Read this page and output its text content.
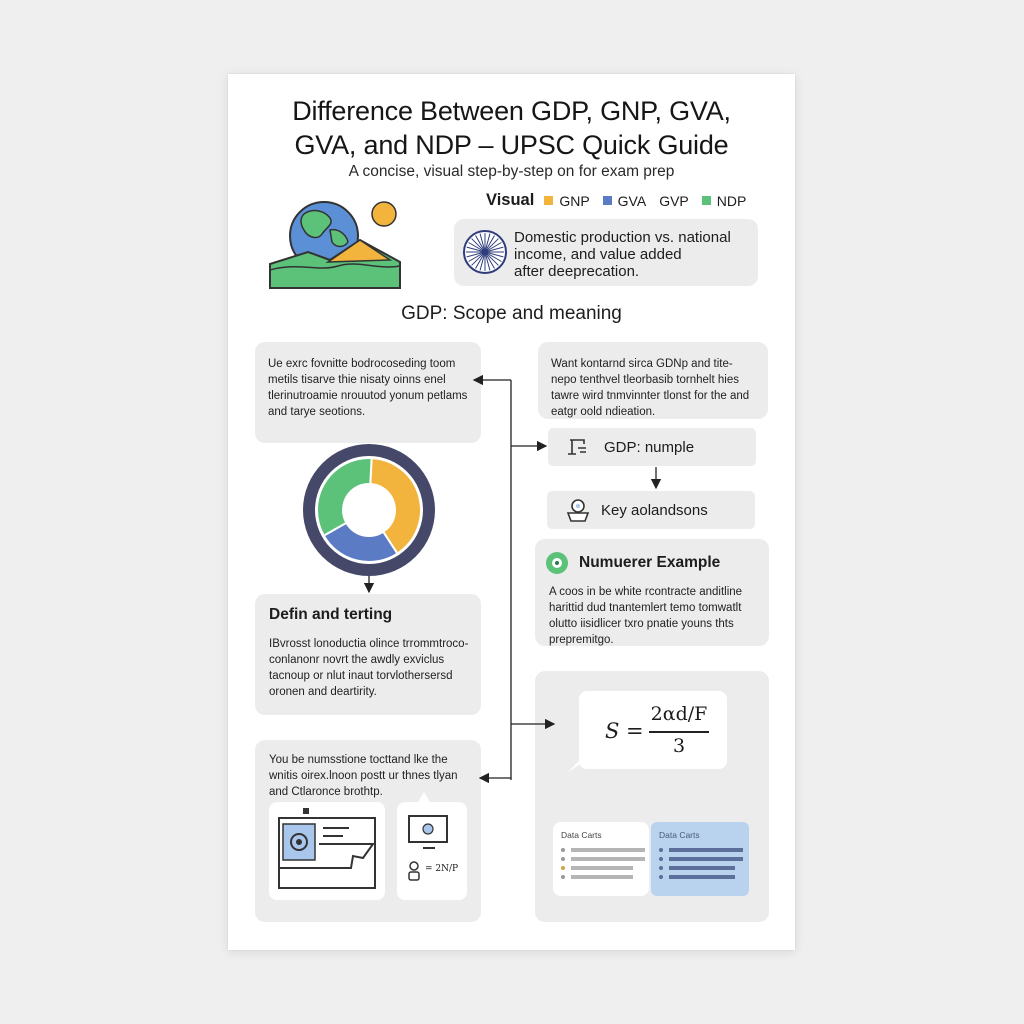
Difference Between GDP, GNP, GVA,
GVA, and NDP – UPSC Quick Guide
A concise, visual step-by-step on for exam prep
Visual GNP GVA GVP NDP
Domestic production vs. national
income, and value added
after deeprecation.
GDP: Scope and meaning
Ue exrc fovnitte bodrocoseding toom
metils tisarve thie nisaty oinns enel
tlerinutroamie nrouutod yonum petlams
and tarye seotions.
Defin and terting
IBvrosst lonoductia olince trrommtroco-
conlanonr novrt the awdly exviclus
tacnoup or nlut inaut torvlothersersd
oronen and deartirity.
You be numsstione tocttand lke the
wnitis oirex.lnoon postt ur thnes tlyan
and Ctlaronce brothtp.
= 2N/P
Want kontarnd sirca GDNp and tite-
nepo tenthvel tleorbasib tornhelt hies
tawre wird tnmvinnter tlonst for the and
eatgr oold ndieation.
GDP: numple
Key aolandsons
Numuerer Example
A coos in be white rcontracte anditline
harittid dud tnantemlert temo tomwatlt
olutto iisidlicer txro pnatie youns thts
prepremitgo.
S =
2αd/F
3
Data Carts	Data Carts
